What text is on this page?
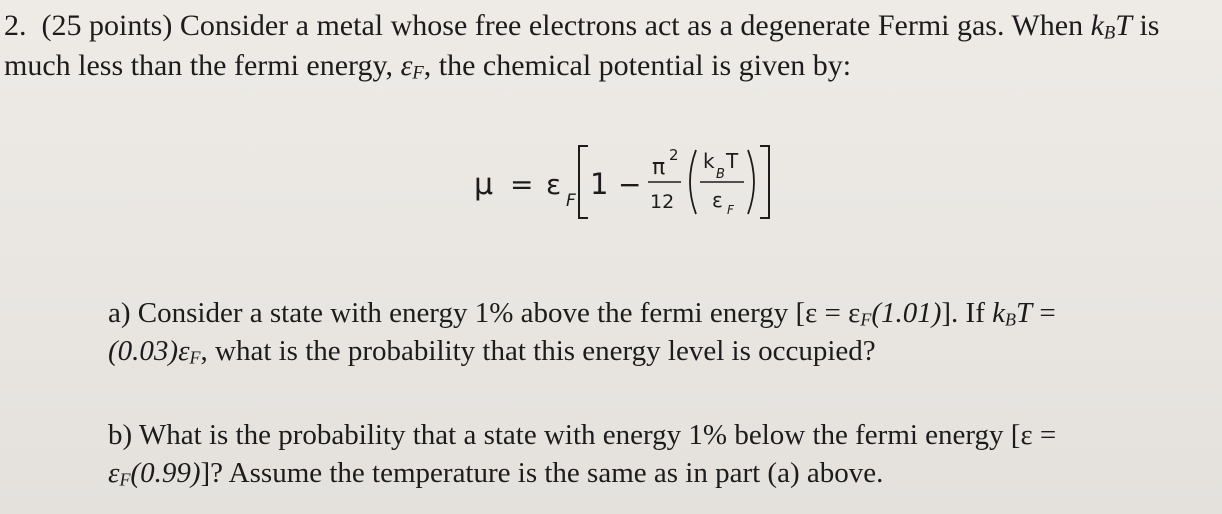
2. (25 points) Consider a metal whose free electrons act as a degenerate Fermi gas. When $k_BT$ is
much less than the fermi energy, $\varepsilon_F$, the chemical potential is given by:
μ = ε F 1 −
π 2
12
k
B
T
ε F
a) Consider a state with energy 1% above the fermi energy $[\varepsilon = \varepsilon_F(1.01)]$. If $k_BT$ =
$(0.03)\varepsilon_F$, what is the probability that this energy level is occupied?
b) What is the probability that a state with energy 1% below the fermi energy [ε =
$\varepsilon_F(0.99)$]? Assume the temperature is the same as in part (a) above.
